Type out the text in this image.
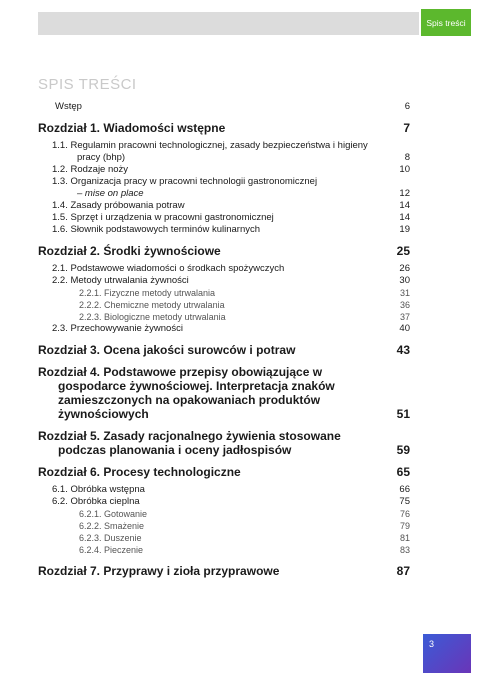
Spis treści
SPIS TREŚCI
Wstęp	6
Rozdział 1. Wiadomości wstępne	7
1.1. Regulamin pracowni technologicznej, zasady bezpieczeństwa i higieny pracy (bhp)	8
1.2. Rodzaje noży	10
1.3. Organizacja pracy w pracowni technologii gastronomicznej
– mise on place	12
1.4. Zasady próbowania potraw	14
1.5. Sprzęt i urządzenia w pracowni gastronomicznej	14
1.6. Słownik podstawowych terminów kulinarnych	19
Rozdział 2. Środki żywnościowe	25
2.1. Podstawowe wiadomości o środkach spożywczych	26
2.2. Metody utrwalania żywności	30
2.2.1. Fizyczne metody utrwalania	31
2.2.2. Chemiczne metody utrwalania	36
2.2.3. Biologiczne metody utrwalania	37
2.3. Przechowywanie żywności	40
Rozdział 3. Ocena jakości surowców i potraw	43
Rozdział 4. Podstawowe przepisy obowiązujące w gospodarce żywnościowej. Interpretacja znaków zamieszczonych na opakowaniach produktów żywnościowych	51
Rozdział 5. Zasady racjonalnego żywienia stosowane podczas planowania i oceny jadłospisów	59
Rozdział 6. Procesy technologiczne	65
6.1. Obróbka wstępna	66
6.2. Obróbka cieplna	75
6.2.1. Gotowanie	76
6.2.2. Smażenie	79
6.2.3. Duszenie	81
6.2.4. Pieczenie	83
Rozdział 7. Przyprawy i zioła przyprawowe	87
3
